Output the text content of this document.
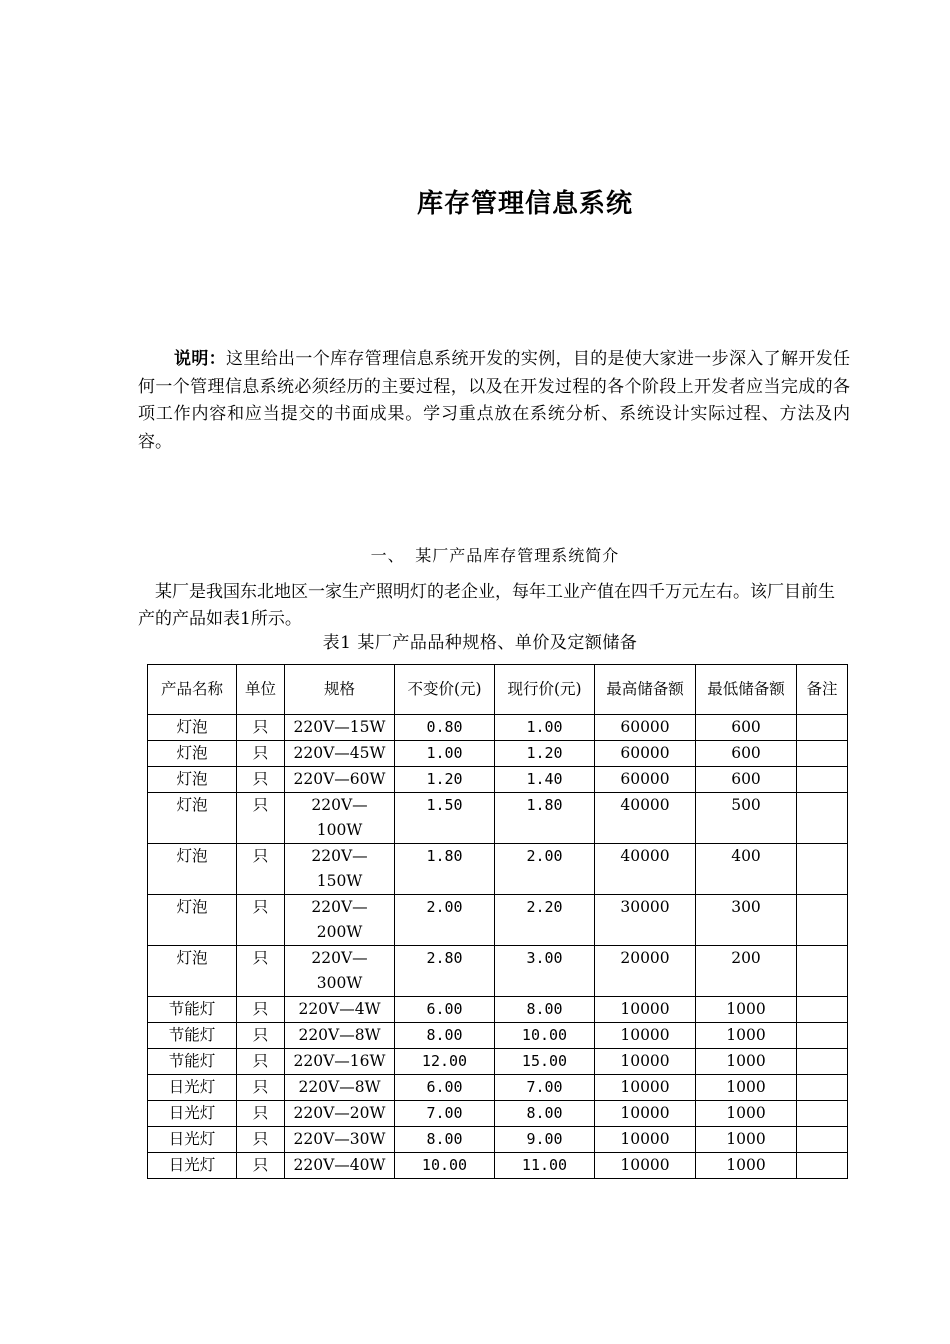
库存管理信息系统

说明：这里给出一个库存管理信息系统开发的实例，目的是使大家进一步深入了解开发任何一个管理信息系统必须经历的主要过程，以及在开发过程的各个阶段上开发者应当完成的各项工作内容和应当提交的书面成果。学习重点放在系统分析、系统设计实际过程、方法及内容。

一、 某厂产品库存管理系统简介

某厂是我国东北地区一家生产照明灯的老企业，每年工业产值在四千万元左右。该厂目前生产的产品如表1所示。

表1 某厂产品品种规格、单价及定额储备
产品名称	单位	规格	不变价(元)	现行价(元)	最高储备额	最低储备额	备注
灯泡	只	220V—15W	0.80	1.00	60000	600	
灯泡	只	220V—45W	1.00	1.20	60000	600	
灯泡	只	220V—60W	1.20	1.40	60000	600	
灯泡	只	220V—100W	1.50	1.80	40000	500	
灯泡	只	220V—150W	1.80	2.00	40000	400	
灯泡	只	220V—200W	2.00	2.20	30000	300	
灯泡	只	220V—300W	2.80	3.00	20000	200	
节能灯	只	220V—4W	6.00	8.00	10000	1000	
节能灯	只	220V—8W	8.00	10.00	10000	1000	
节能灯	只	220V—16W	12.00	15.00	10000	1000	
日光灯	只	220V—8W	6.00	7.00	10000	1000	
日光灯	只	220V—20W	7.00	8.00	10000	1000	
日光灯	只	220V—30W	8.00	9.00	10000	1000	
日光灯	只	220V—40W	10.00	11.00	10000	1000	
